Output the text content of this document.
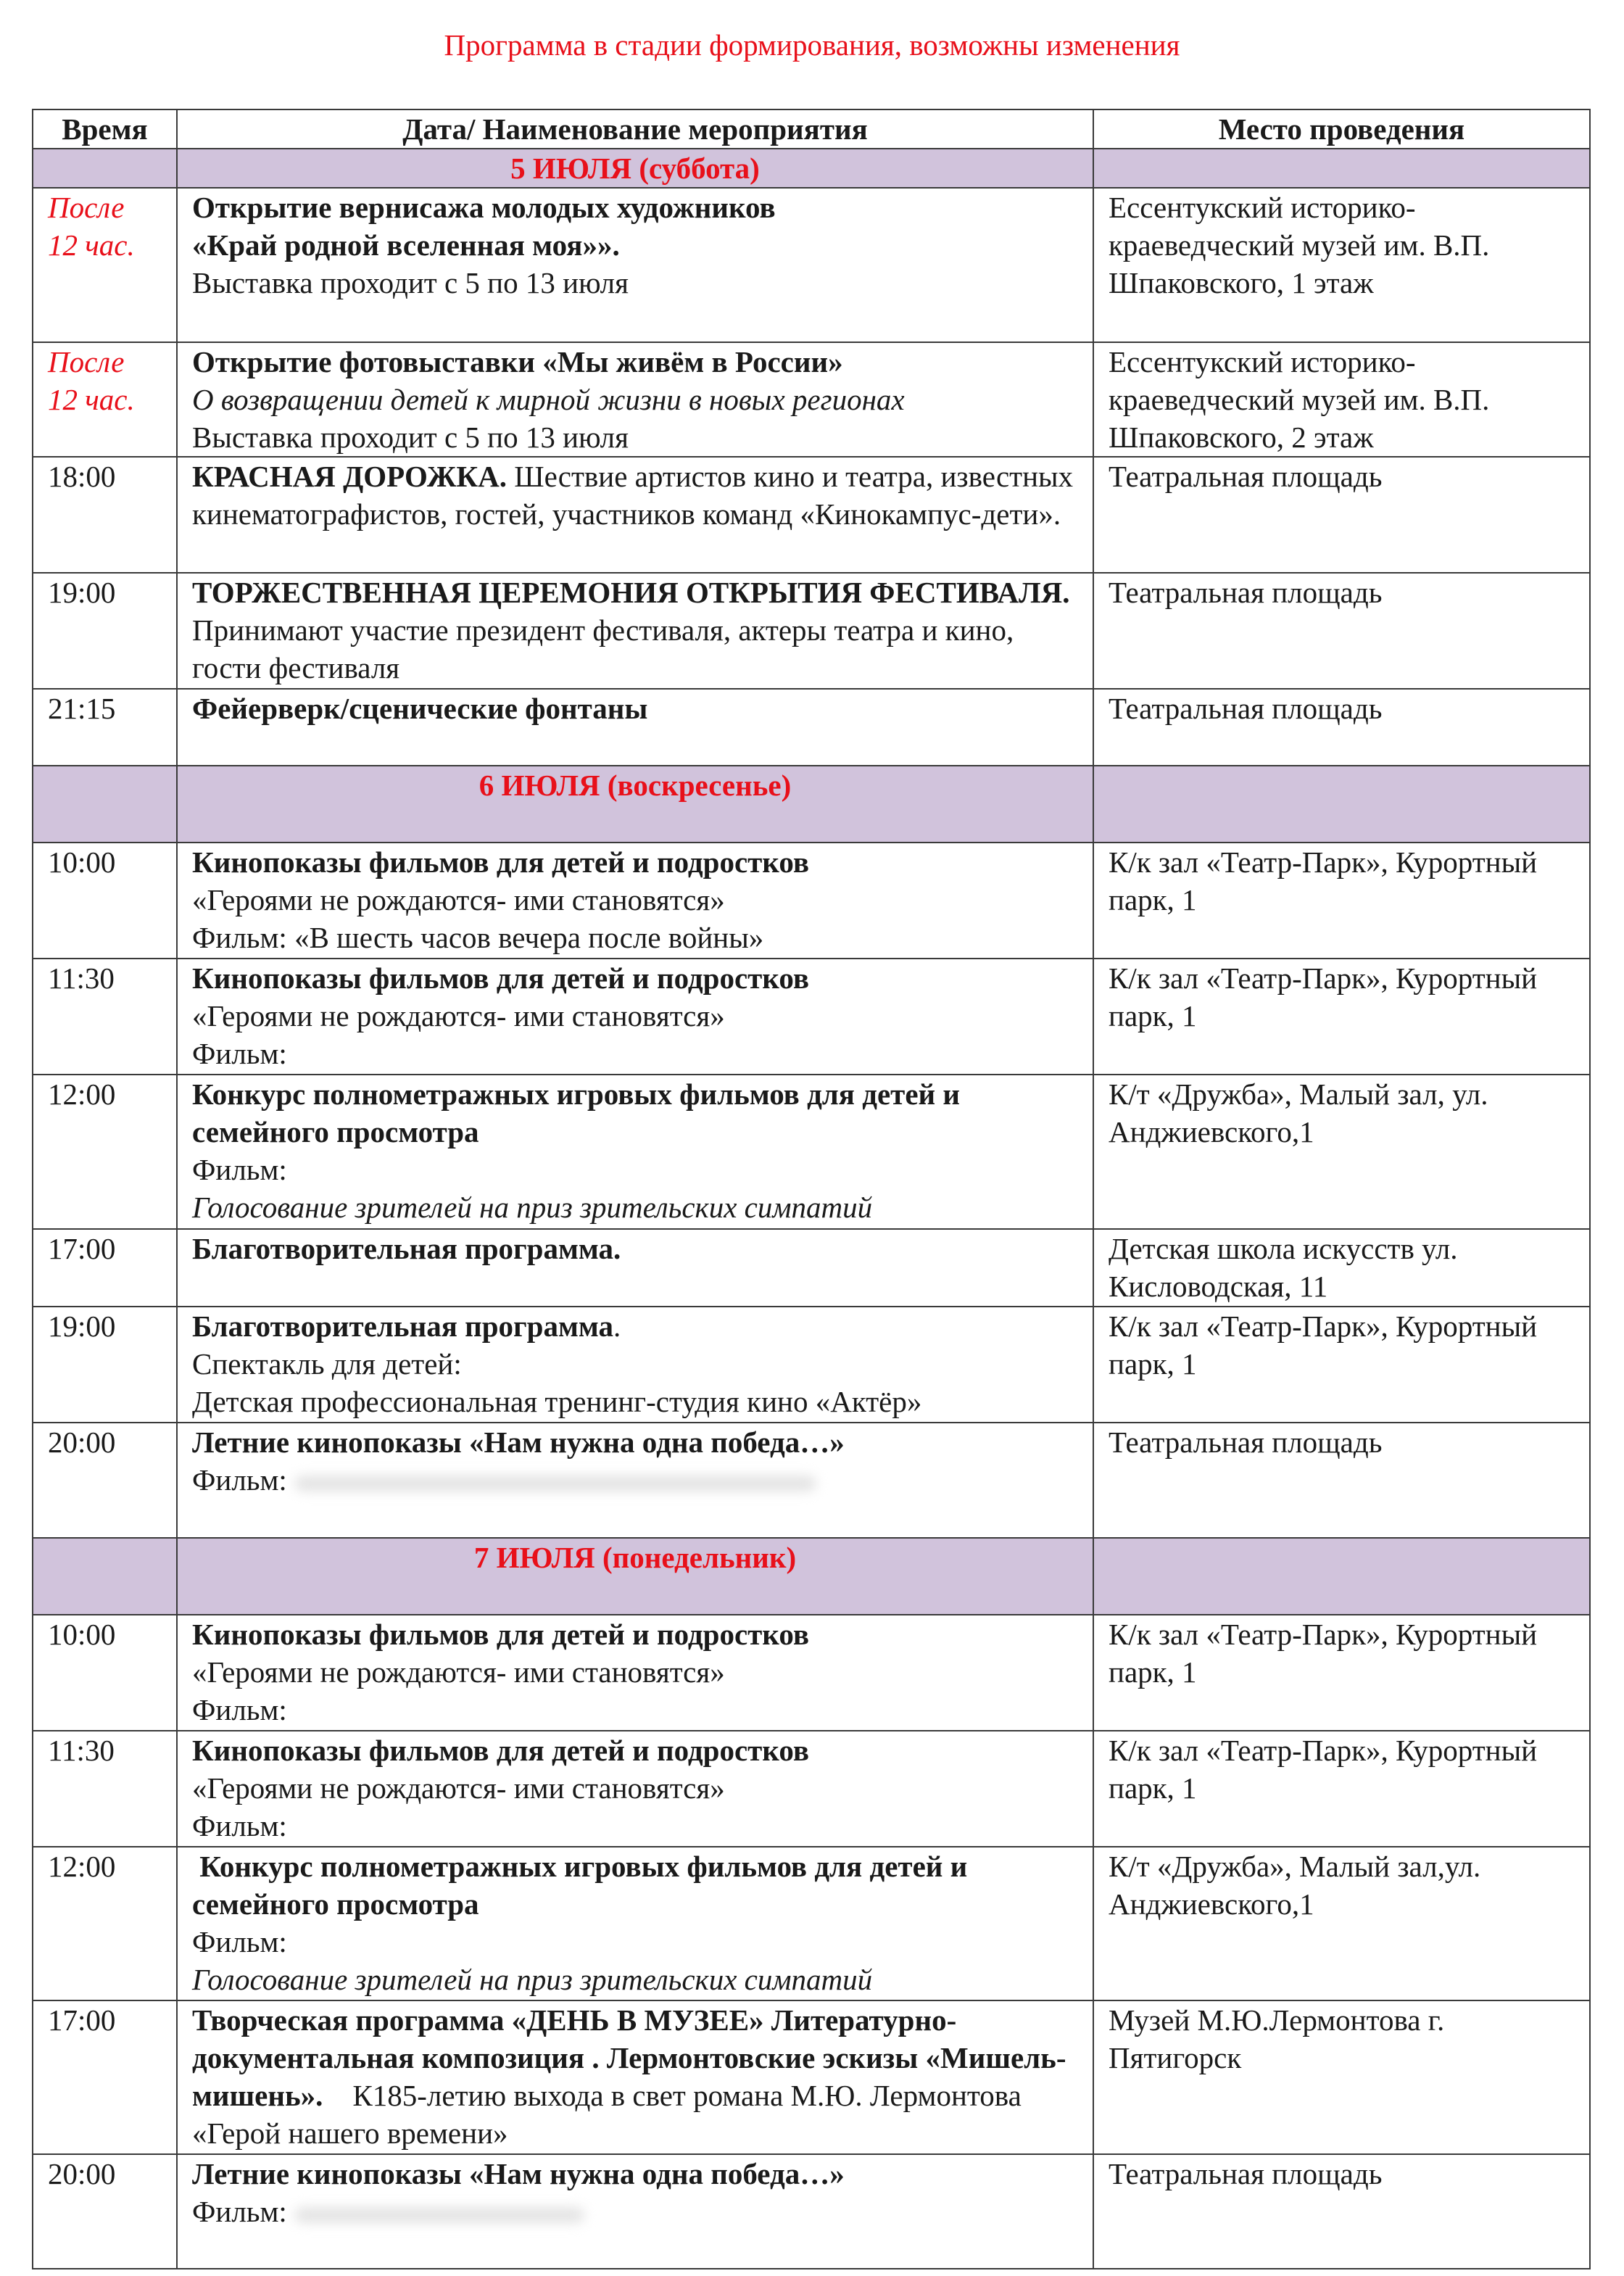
Программа в стадии формирования, возможны изменения
Время	Дата/ Наименование мероприятия	Место проведения

	5 ИЮЛЯ (суббота)	

После
12 час.	Открытие вернисажа молодых художников
«Край родной вселенная моя»».
Выставка проходит с 5 по 13 июля	Ессентукский историко-краеведческий музей им. В.П. Шпаковского, 1 этаж

После
12 час.	Открытие фотовыставки «Мы живём в России»
О возвращении детей к мирной жизни в новых регионах
Выставка проходит с 5 по 13 июля	Ессентукский историко-краеведческий музей им. В.П. Шпаковского, 2 этаж
18:00	КРАСНАЯ ДОРОЖКА. Шествие артистов кино и театра, известных кинематографистов, гостей, участников команд «Кинокампус-дети».	Театральная площадь
19:00	ТОРЖЕСТВЕННАЯ ЦЕРЕМОНИЯ ОТКРЫТИЯ ФЕСТИВАЛЯ. Принимают участие президент фестиваля, актеры театра и кино, гости фестиваля	Театральная площадь
21:15	Фейерверк/сценические фонтаны	Театральная площадь

	6 ИЮЛЯ (воскресенье)	

10:00	Кинопоказы фильмов для детей и подростков
«Героями не рождаются- ими становятся»
Фильм: «В шесть часов вечера после войны»	К/к зал «Театр-Парк», Курортный парк, 1
11:30	Кинопоказы фильмов для детей и подростков
«Героями не рождаются- ими становятся»
Фильм:	К/к зал «Театр-Парк», Курортный парк, 1
12:00	Конкурс полнометражных игровых фильмов для детей и семейного просмотра
Фильм:
Голосование зрителей на приз зрительских симпатий	К/т «Дружба», Малый зал, ул. Анджиевского,1
17:00	Благотворительная программа.	Детская школа искусств ул. Кисловодская, 11
19:00	Благотворительная программа.
Спектакль для детей:
Детская профессиональная тренинг-студия кино «Актёр»	К/к зал «Театр-Парк», Курортный парк, 1
20:00	Летние кинопоказы «Нам нужна одна победа…»
Фильм:	Театральная площадь

	7 ИЮЛЯ (понедельник)	

10:00	Кинопоказы фильмов для детей и подростков
«Героями не рождаются- ими становятся»
Фильм:	К/к зал «Театр-Парк», Курортный парк, 1
11:30	Кинопоказы фильмов для детей и подростков
«Героями не рождаются- ими становятся»
Фильм:	К/к зал «Театр-Парк», Курортный парк, 1
12:00	Конкурс полнометражных игровых фильмов для детей и семейного просмотра
Фильм:
Голосование зрителей на приз зрительских симпатий	К/т «Дружба», Малый зал,ул. Анджиевского,1
17:00	Творческая программа «ДЕНЬ В МУЗЕЕ» Литературно-документальная композиция . Лермонтовские эскизы «Мишель-мишень».    К185-летию выхода в свет романа М.Ю. Лермонтова «Герой нашего времени»	Музей М.Ю.Лермонтова г. Пятигорск
20:00	Летние кинопоказы «Нам нужна одна победа…»
Фильм:	Театральная площадь
